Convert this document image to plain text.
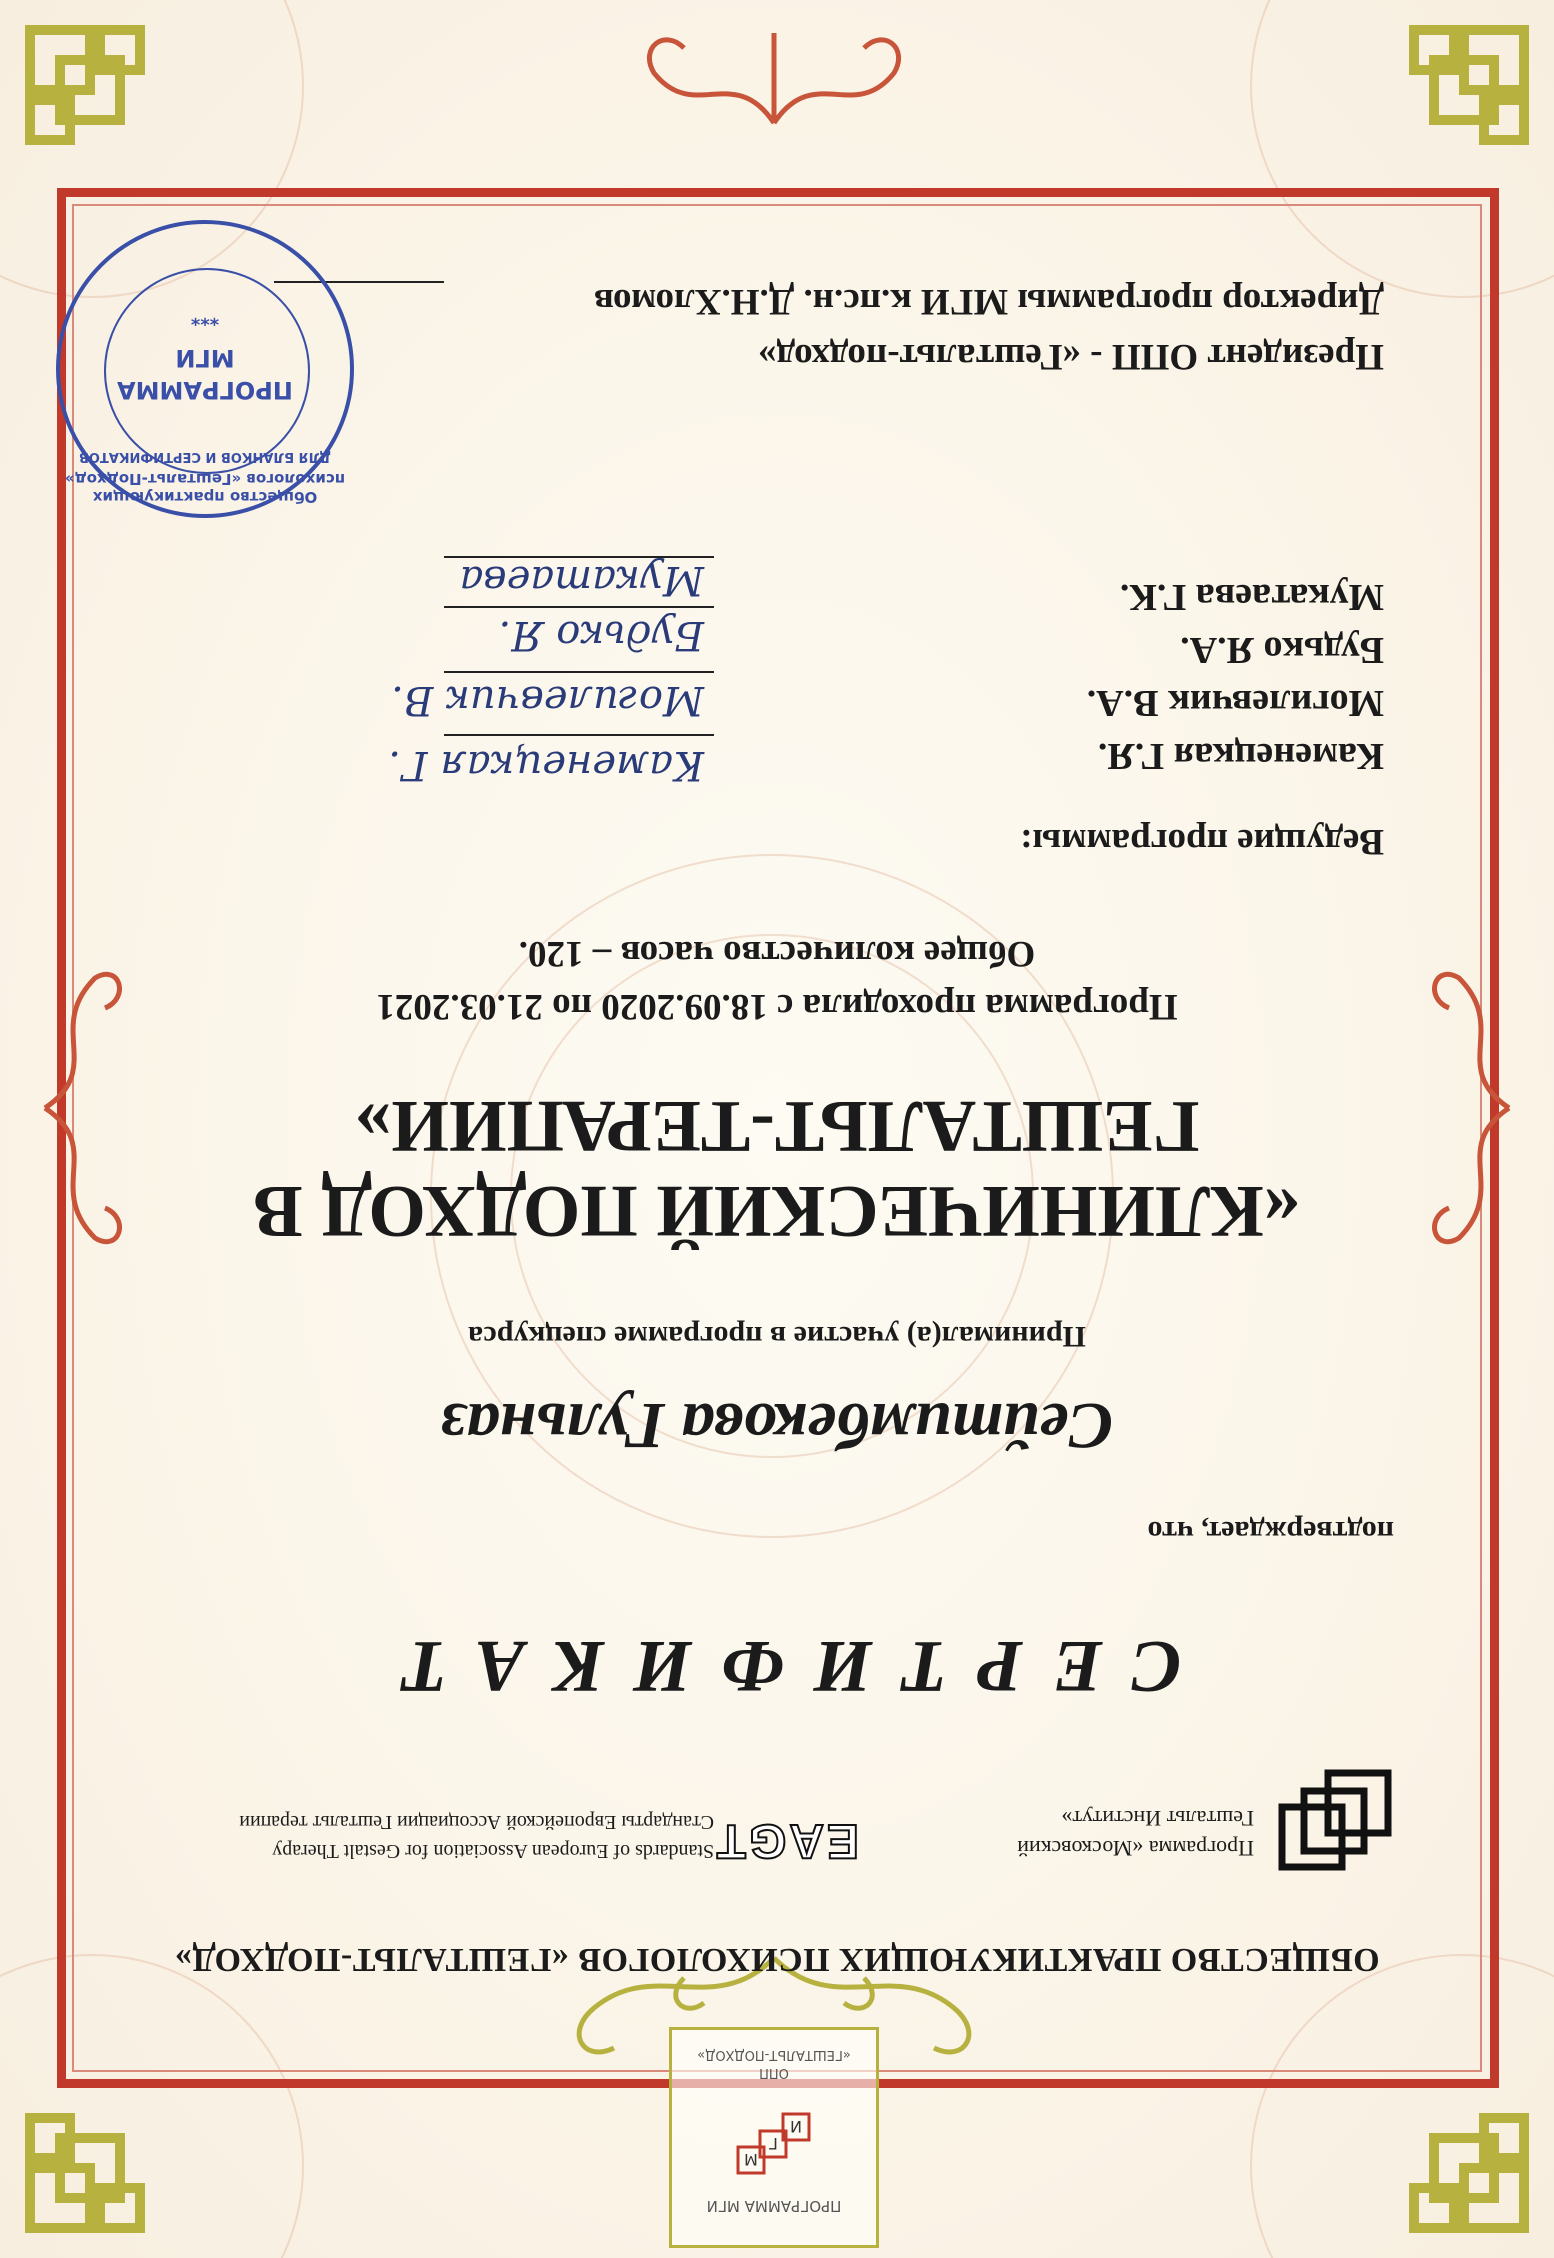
ОПП
«ГЕШТАЛЬТ-ПОДХОД»
И
Г
М
ПРОГРАММА МГИ
ОБЩЕСТВО ПРАКТИКУЮЩИХ ПСИХОЛОГОВ «ГЕШТАЛЬТ-ПОДХОД»
Программа «Московский
Гештальт Институт»
EAGT
Standards of European Association for Gestalt Therapy
Стандарты Европейской Ассоциации Гештальт терапии
СЕРТИФИКАТ
подтверждает, что
Сейтимбекова Гульназ
Принимал(а) участие в программе спецкурса
«КЛИНИЧЕСКИЙ ПОДХОД В
ГЕШТАЛЬТ-ТЕРАПИИ»
Программа проходила с 18.09.2020 по 21.03.2021
Общее количество часов – 120.
Ведущие программы:
Каменецкая Г.Я.
Могилевчик В.А.
Будько Я.А.
Мукатаева Г.К.
Каменецкая Г.
Могилевчик В.
Будько Я.
Мукатаева
Президент ОПП - «Гештальт-подход»
Директор программы МГИ к.пс.н. Д.Н.Хломов
Общество практикующих психологов «Гештальт-Подход»
ДЛЯ БЛАНКОВ И СЕРТИФИКАТОВ
ПРОГРАММА
МГИ
***
